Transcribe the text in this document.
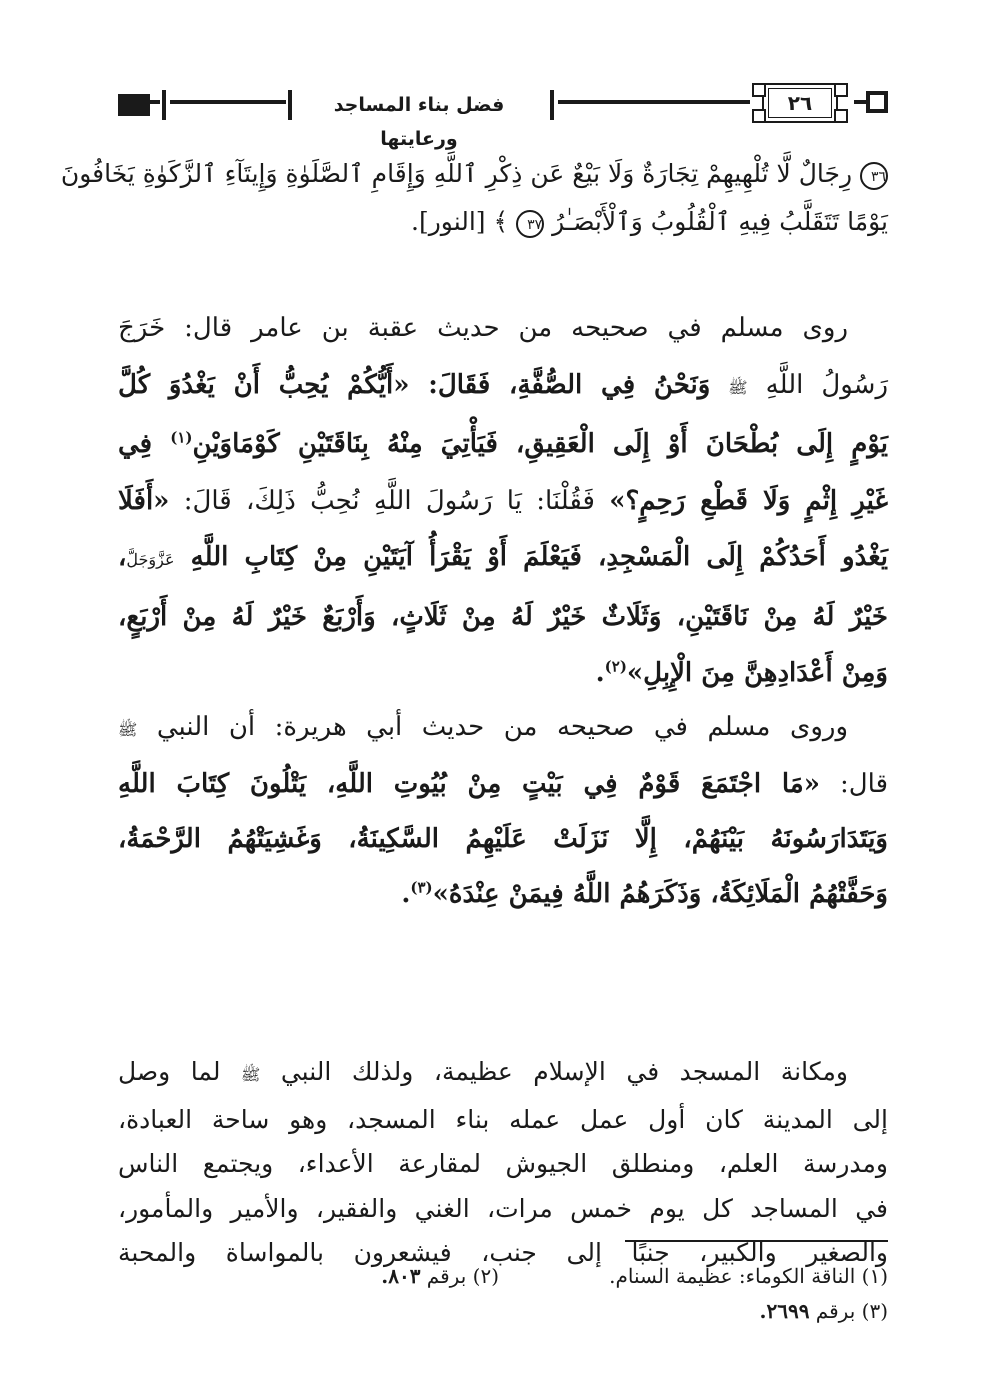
فضل بناء المساجد ورعايتها
٢٦
٣٦ رِجَالٌ لَّا تُلْهِيهِمْ تِجَارَةٌ وَلَا بَيْعٌ عَن ذِكْرِ ٱللَّهِ وَإِقَامِ ٱلصَّلَوٰةِ وَإِيتَآءِ ٱلزَّكَوٰةِ يَخَافُونَ
يَوْمًا تَتَقَلَّبُ فِيهِ ٱلْقُلُوبُ وَٱلْأَبْصَـٰرُ ٣٧ ﴾ [النور].
روى مسلم في صحيحه من حديث عقبة بن عامر قال: خَرَجَ
رَسُولُ اللَّهِ ﷺ وَنَحْنُ فِي الصُّفَّةِ، فَقَالَ: «أَيُّكُمْ يُحِبُّ أَنْ يَغْدُوَ كُلَّ
يَوْمٍ إِلَى بُطْحَانَ أَوْ إِلَى الْعَقِيقِ، فَيَأْتِيَ مِنْهُ بِنَاقَتَيْنِ كَوْمَاوَيْنِ$^{(١)}$ فِي
غَيْرِ إِثْمٍ وَلَا قَطْعِ رَحِمٍ؟» فَقُلْنَا: يَا رَسُولَ اللَّهِ نُحِبُّ ذَلِكَ، قَالَ: «أَفَلَا
يَغْدُو أَحَدُكُمْ إِلَى الْمَسْجِدِ، فَيَعْلَمَ أَوْ يَقْرَأُ آيَتَيْنِ مِنْ كِتَابِ اللَّهِ عَزَّوَجَلَّ،
خَيْرٌ لَهُ مِنْ نَاقَتَيْنِ، وَثَلَاثٌ خَيْرٌ لَهُ مِنْ ثَلَاثٍ، وَأَرْبَعٌ خَيْرٌ لَهُ مِنْ أَرْبَعٍ،
وَمِنْ أَعْدَادِهِنَّ مِنَ الْإِبِلِ»$^{(٢)}$.
وروى مسلم في صحيحه من حديث أبي هريرة: أن النبي ﷺ
قال: «مَا اجْتَمَعَ قَوْمٌ فِي بَيْتٍ مِنْ بُيُوتِ اللَّهِ، يَتْلُونَ كِتَابَ اللَّهِ
وَيَتَدَارَسُونَهُ بَيْنَهُمْ، إِلَّا نَزَلَتْ عَلَيْهِمُ السَّكِينَةُ، وَغَشِيَتْهُمُ الرَّحْمَةُ،
وَحَفَّتْهُمُ الْمَلَائِكَةُ، وَذَكَرَهُمُ اللَّهُ فِيمَنْ عِنْدَهُ»$^{(٣)}$.
ومكانة المسجد في الإسلام عظيمة، ولذلك النبي ﷺ لما وصل
إلى المدينة كان أول عمل عمله بناء المسجد، وهو ساحة العبادة،
ومدرسة العلم، ومنطلق الجيوش لمقارعة الأعداء، ويجتمع الناس
في المساجد كل يوم خمس مرات، الغني والفقير، والأمير والمأمور،
والصغير والكبير، جنبًا إلى جنب، فيشعرون بالمواساة والمحبة
(١) الناقة الكوماء: عظيمة السنام.
(٢) برقم ٨٠٣.
(٣) برقم ٢٦٩٩.
